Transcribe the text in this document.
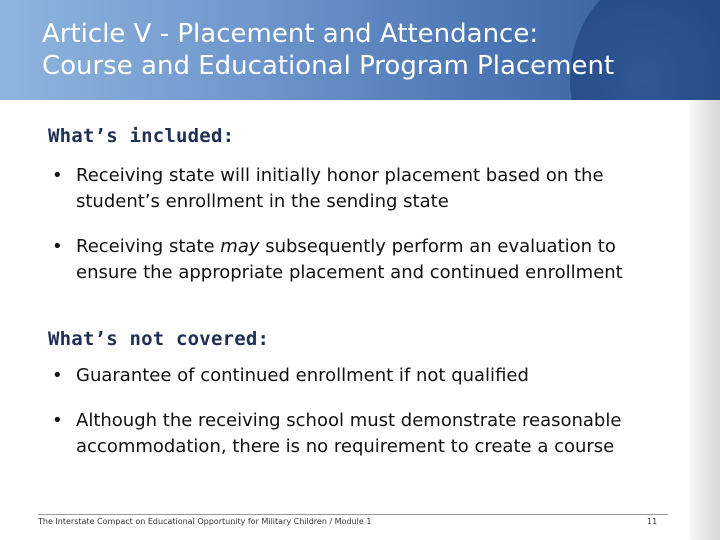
Article V - Placement and Attendance:
Course and Educational Program Placement
What’s included:
• Receiving state will initially honor placement based on the student’s enrollment in the sending state
• Receiving state may subsequently perform an evaluation to ensure the appropriate placement and continued enrollment
What’s not covered:
• Guarantee of continued enrollment if not qualified
• Although the receiving school must demonstrate reasonable accommodation, there is no requirement to create a course
The Interstate Compact on Educational Opportunity for Military Children / Module 1	11
